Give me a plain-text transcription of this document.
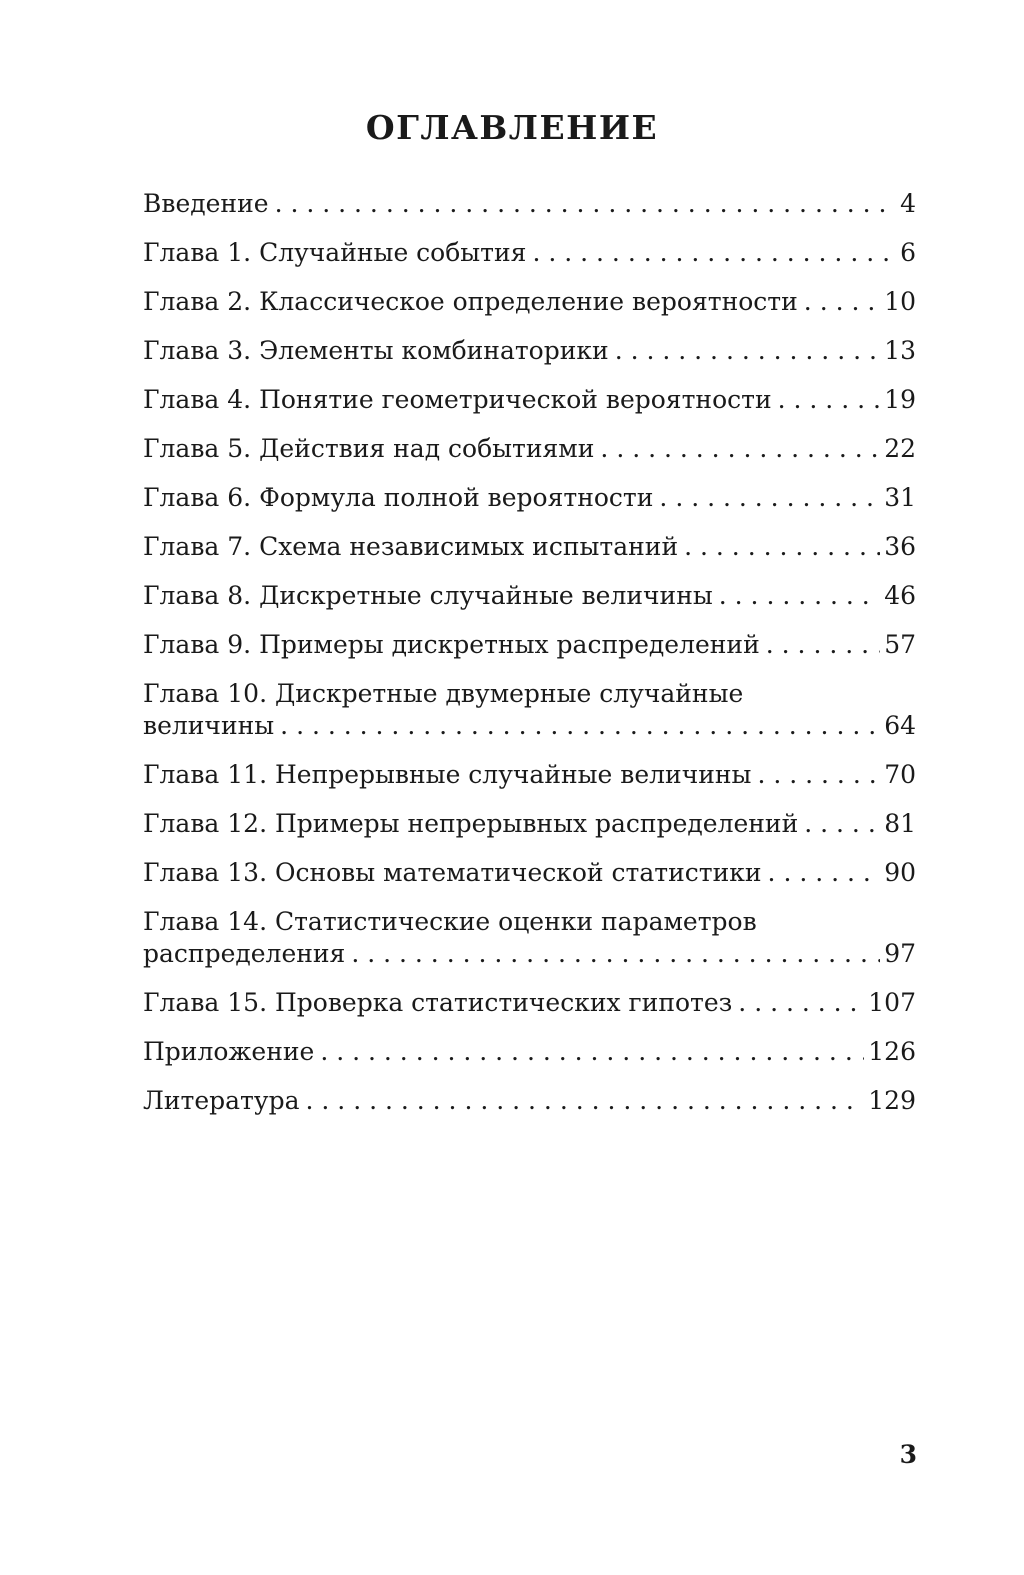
ОГЛАВЛЕНИЕ
Введение . . .	4
Глава 1. Случайные события . . .	6
Глава 2. Классическое определение вероятности . . .	10
Глава 3. Элементы комбинаторики . . .	13
Глава 4. Понятие геометрической вероятности . . .	19
Глава 5. Действия над событиями . . .	22
Глава 6. Формула полной вероятности . . .	31
Глава 7. Схема независимых испытаний . . .	36
Глава 8. Дискретные случайные величины . . .	46
Глава 9. Примеры дискретных распределений . . .	57
Глава 10. Дискретные двумерные случайные
величины . . .	64
Глава 11. Непрерывные случайные величины . . .	70
Глава 12. Примеры непрерывных распределений . . .	81
Глава 13. Основы математической статистики . . .	90
Глава 14. Статистические оценки параметров
распределения . . .	97
Глава 15. Проверка статистических гипотез . . .	107
Приложение . . .	126
Литература . . .	129

3
